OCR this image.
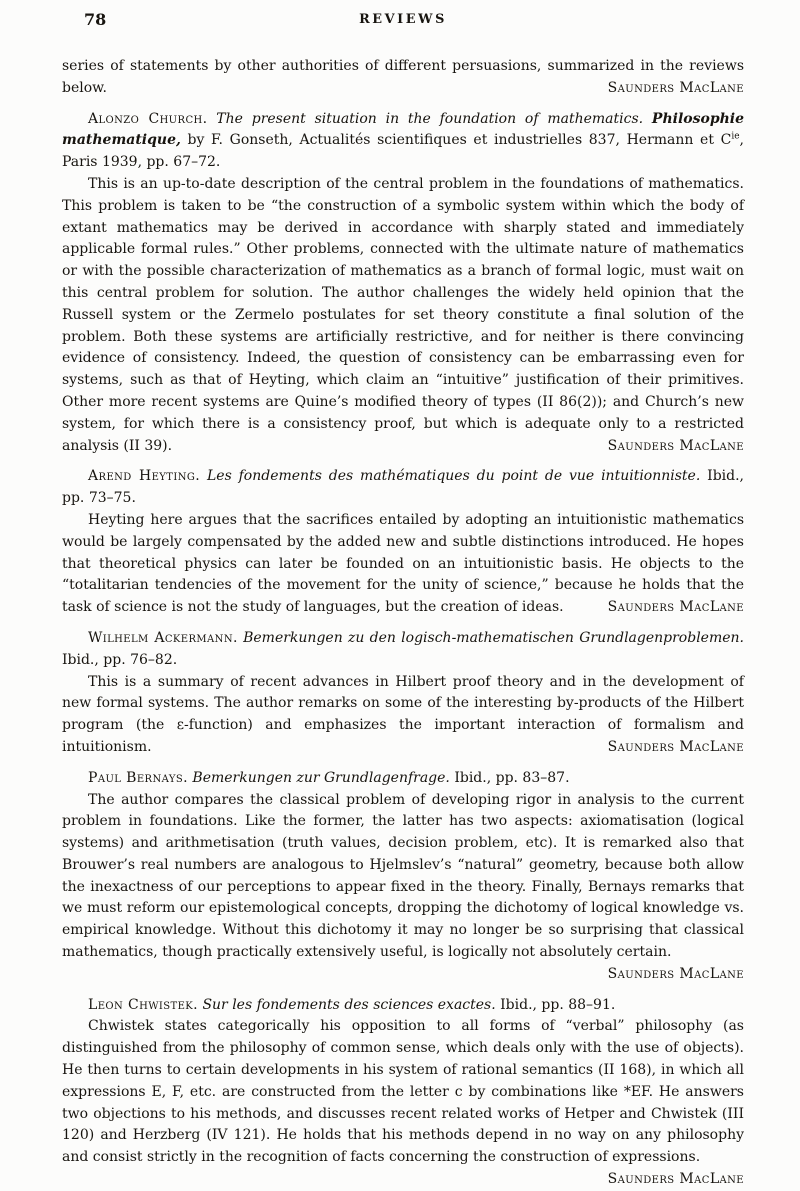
78	REVIEWS

series of statements by other authorities of different persuasions, summarized in the reviews below.	Saunders MacLane

Alonzo Church. The present situation in the foundation of mathematics. Philosophie mathematique, by F. Gonseth, Actualités scientifiques et industrielles 837, Hermann et $C^{ie}$, Paris 1939, pp. 67–72.

This is an up-to-date description of the central problem in the foundations of mathematics. This problem is taken to be “the construction of a symbolic system within which the body of extant mathematics may be derived in accordance with sharply stated and immediately applicable formal rules.” Other problems, connected with the ultimate nature of mathematics or with the possible characterization of mathematics as a branch of formal logic, must wait on this central problem for solution. The author challenges the widely held opinion that the Russell system or the Zermelo postulates for set theory constitute a final solution of the problem. Both these systems are artificially restrictive, and for neither is there convincing evidence of consistency. Indeed, the question of consistency can be embarrassing even for systems, such as that of Heyting, which claim an “intuitive” justification of their primitives. Other more recent systems are Quine’s modified theory of types (II 86(2)); and Church’s new system, for which there is a consistency proof, but which is adequate only to a restricted analysis (II 39).	Saunders MacLane

Arend Heyting. Les fondements des mathématiques du point de vue intuitionniste. Ibid., pp. 73–75.

Heyting here argues that the sacrifices entailed by adopting an intuitionistic mathematics would be largely compensated by the added new and subtle distinctions introduced. He hopes that theoretical physics can later be founded on an intuitionistic basis. He objects to the “totalitarian tendencies of the movement for the unity of science,” because he holds that the task of science is not the study of languages, but the creation of ideas.	Saunders MacLane

Wilhelm Ackermann. Bemerkungen zu den logisch-mathematischen Grundlagenproblemen. Ibid., pp. 76–82.

This is a summary of recent advances in Hilbert proof theory and in the development of new formal systems. The author remarks on some of the interesting by-products of the Hilbert program (the ε-function) and emphasizes the important interaction of formalism and intuitionism.	Saunders MacLane

Paul Bernays. Bemerkungen zur Grundlagenfrage. Ibid., pp. 83–87.

The author compares the classical problem of developing rigor in analysis to the current problem in foundations. Like the former, the latter has two aspects: axiomatisation (logical systems) and arithmetisation (truth values, decision problem, etc). It is remarked also that Brouwer’s real numbers are analogous to Hjelmslev’s “natural” geometry, because both allow the inexactness of our perceptions to appear fixed in the theory. Finally, Bernays remarks that we must reform our epistemological concepts, dropping the dichotomy of logical knowledge vs. empirical knowledge. Without this dichotomy it may no longer be so surprising that classical mathematics, though practically extensively useful, is logically not absolutely certain.
Saunders MacLane

Leon Chwistek. Sur les fondements des sciences exactes. Ibid., pp. 88–91.

Chwistek states categorically his opposition to all forms of “verbal” philosophy (as distinguished from the philosophy of common sense, which deals only with the use of objects). He then turns to certain developments in his system of rational semantics (II 168), in which all expressions E, F, etc. are constructed from the letter c by combinations like *EF. He answers two objections to his methods, and discusses recent related works of Hetper and Chwistek (III 120) and Herzberg (IV 121). He holds that his methods depend in no way on any philosophy and consist strictly in the recognition of facts concerning the construction of expressions.
Saunders MacLane
